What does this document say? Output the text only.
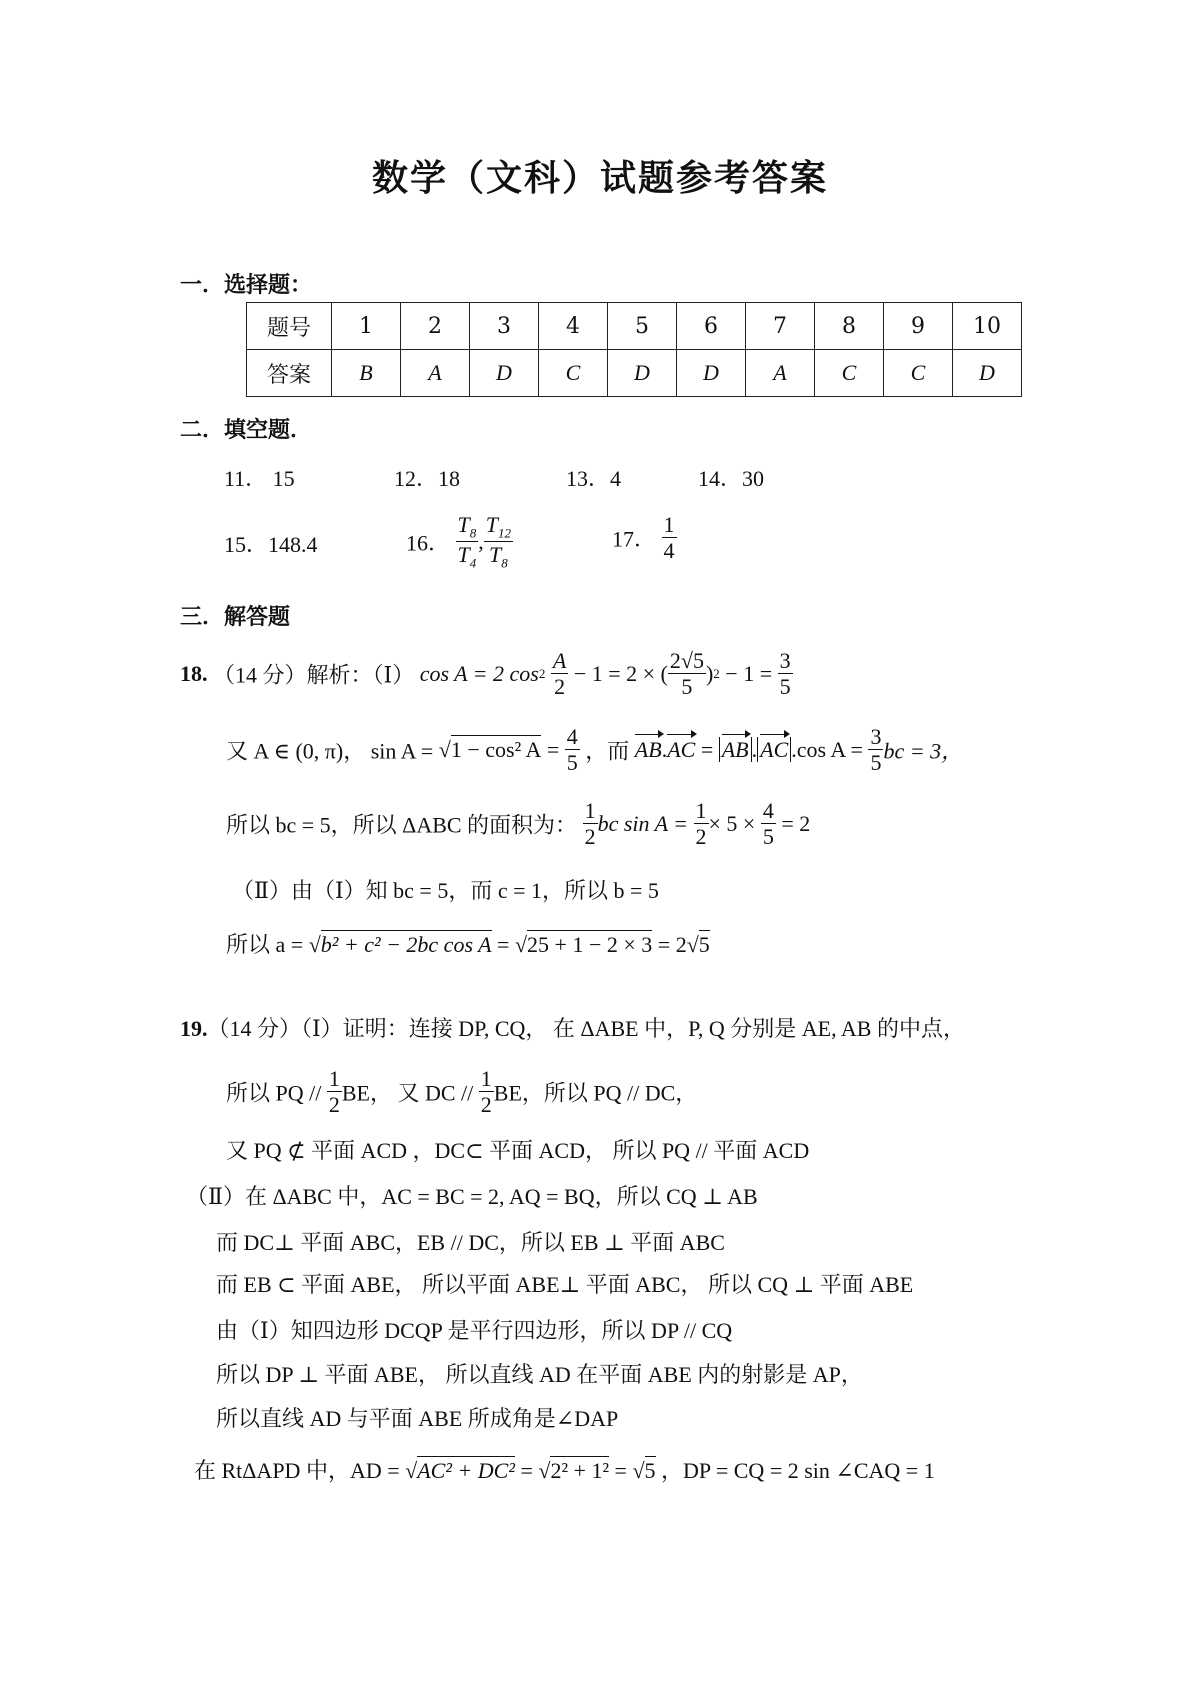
数学（文科）试题参考答案
一．选择题：
题号	1	2	3	4	5	6	7	8	9	10
答案	B	A	D	C	D	D	A	C	C	D
二．填空题．
11． 15	12．18	13．4	14．30
15．148.4	16． $\frac{T_8}{T_4}$ , $\frac{T_{12}}{T_8}$	17． $\frac{1}{4}$
三．解答题
18. （14 分）解析：（Ⅰ） cos A = 2 $\cos 2 \frac{A}{2} - 1 = 2$ × ( $\frac{2√5}{5} )2 - 1 = \frac{3}{5}$
又 A ∈ (0, π)， sin A = √1 − cos² $A = \frac{4}{5}$ ，而 AB.AC = AB . AC .cos $A = \frac{3}{5}$ bc = 3，
所以 bc = 5，所以 ΔABC 的面积为： $\frac{1}{2}$ bc $\sin A = \frac{1}{2} \times 5 \times \frac{4}{5} = 2$
（Ⅱ）由（Ⅰ）知 bc = 5，而 c = 1，所以 b = 5
所以 a = √b² + c² − 2bc cos A = √25 + 1 − 2 × 3 = 2√5
19.（14 分）（Ⅰ）证明：连接 DP, CQ， 在 ΔABE 中，P, Q 分别是 AE, AB 的中点，
所以 PQ // $\frac{1}{2}$ BE， 又 DC // $\frac{1}{2}$ BE，所以 PQ // DC，
又 PQ ⊄ 平面 ACD ，DC⊂ 平面 ACD， 所以 PQ // 平面 ACD
（Ⅱ）在 ΔABC 中，AC = BC = 2, AQ = BQ，所以 CQ ⊥ AB
而 DC⊥ 平面 ABC，EB // DC，所以 EB ⊥ 平面 ABC
而 EB ⊂ 平面 ABE， 所以平面 ABE⊥ 平面 ABC， 所以 CQ ⊥ 平面 ABE
由（Ⅰ）知四边形 DCQP 是平行四边形，所以 DP // CQ
所以 DP ⊥ 平面 ABE， 所以直线 AD 在平面 ABE 内的射影是 AP，
所以直线 AD 与平面 ABE 所成角是∠DAP
在 RtΔAPD 中，AD = √AC² + DC² = √2² + 1² = √5 ，DP = CQ = 2 sin ∠CAQ = 1
